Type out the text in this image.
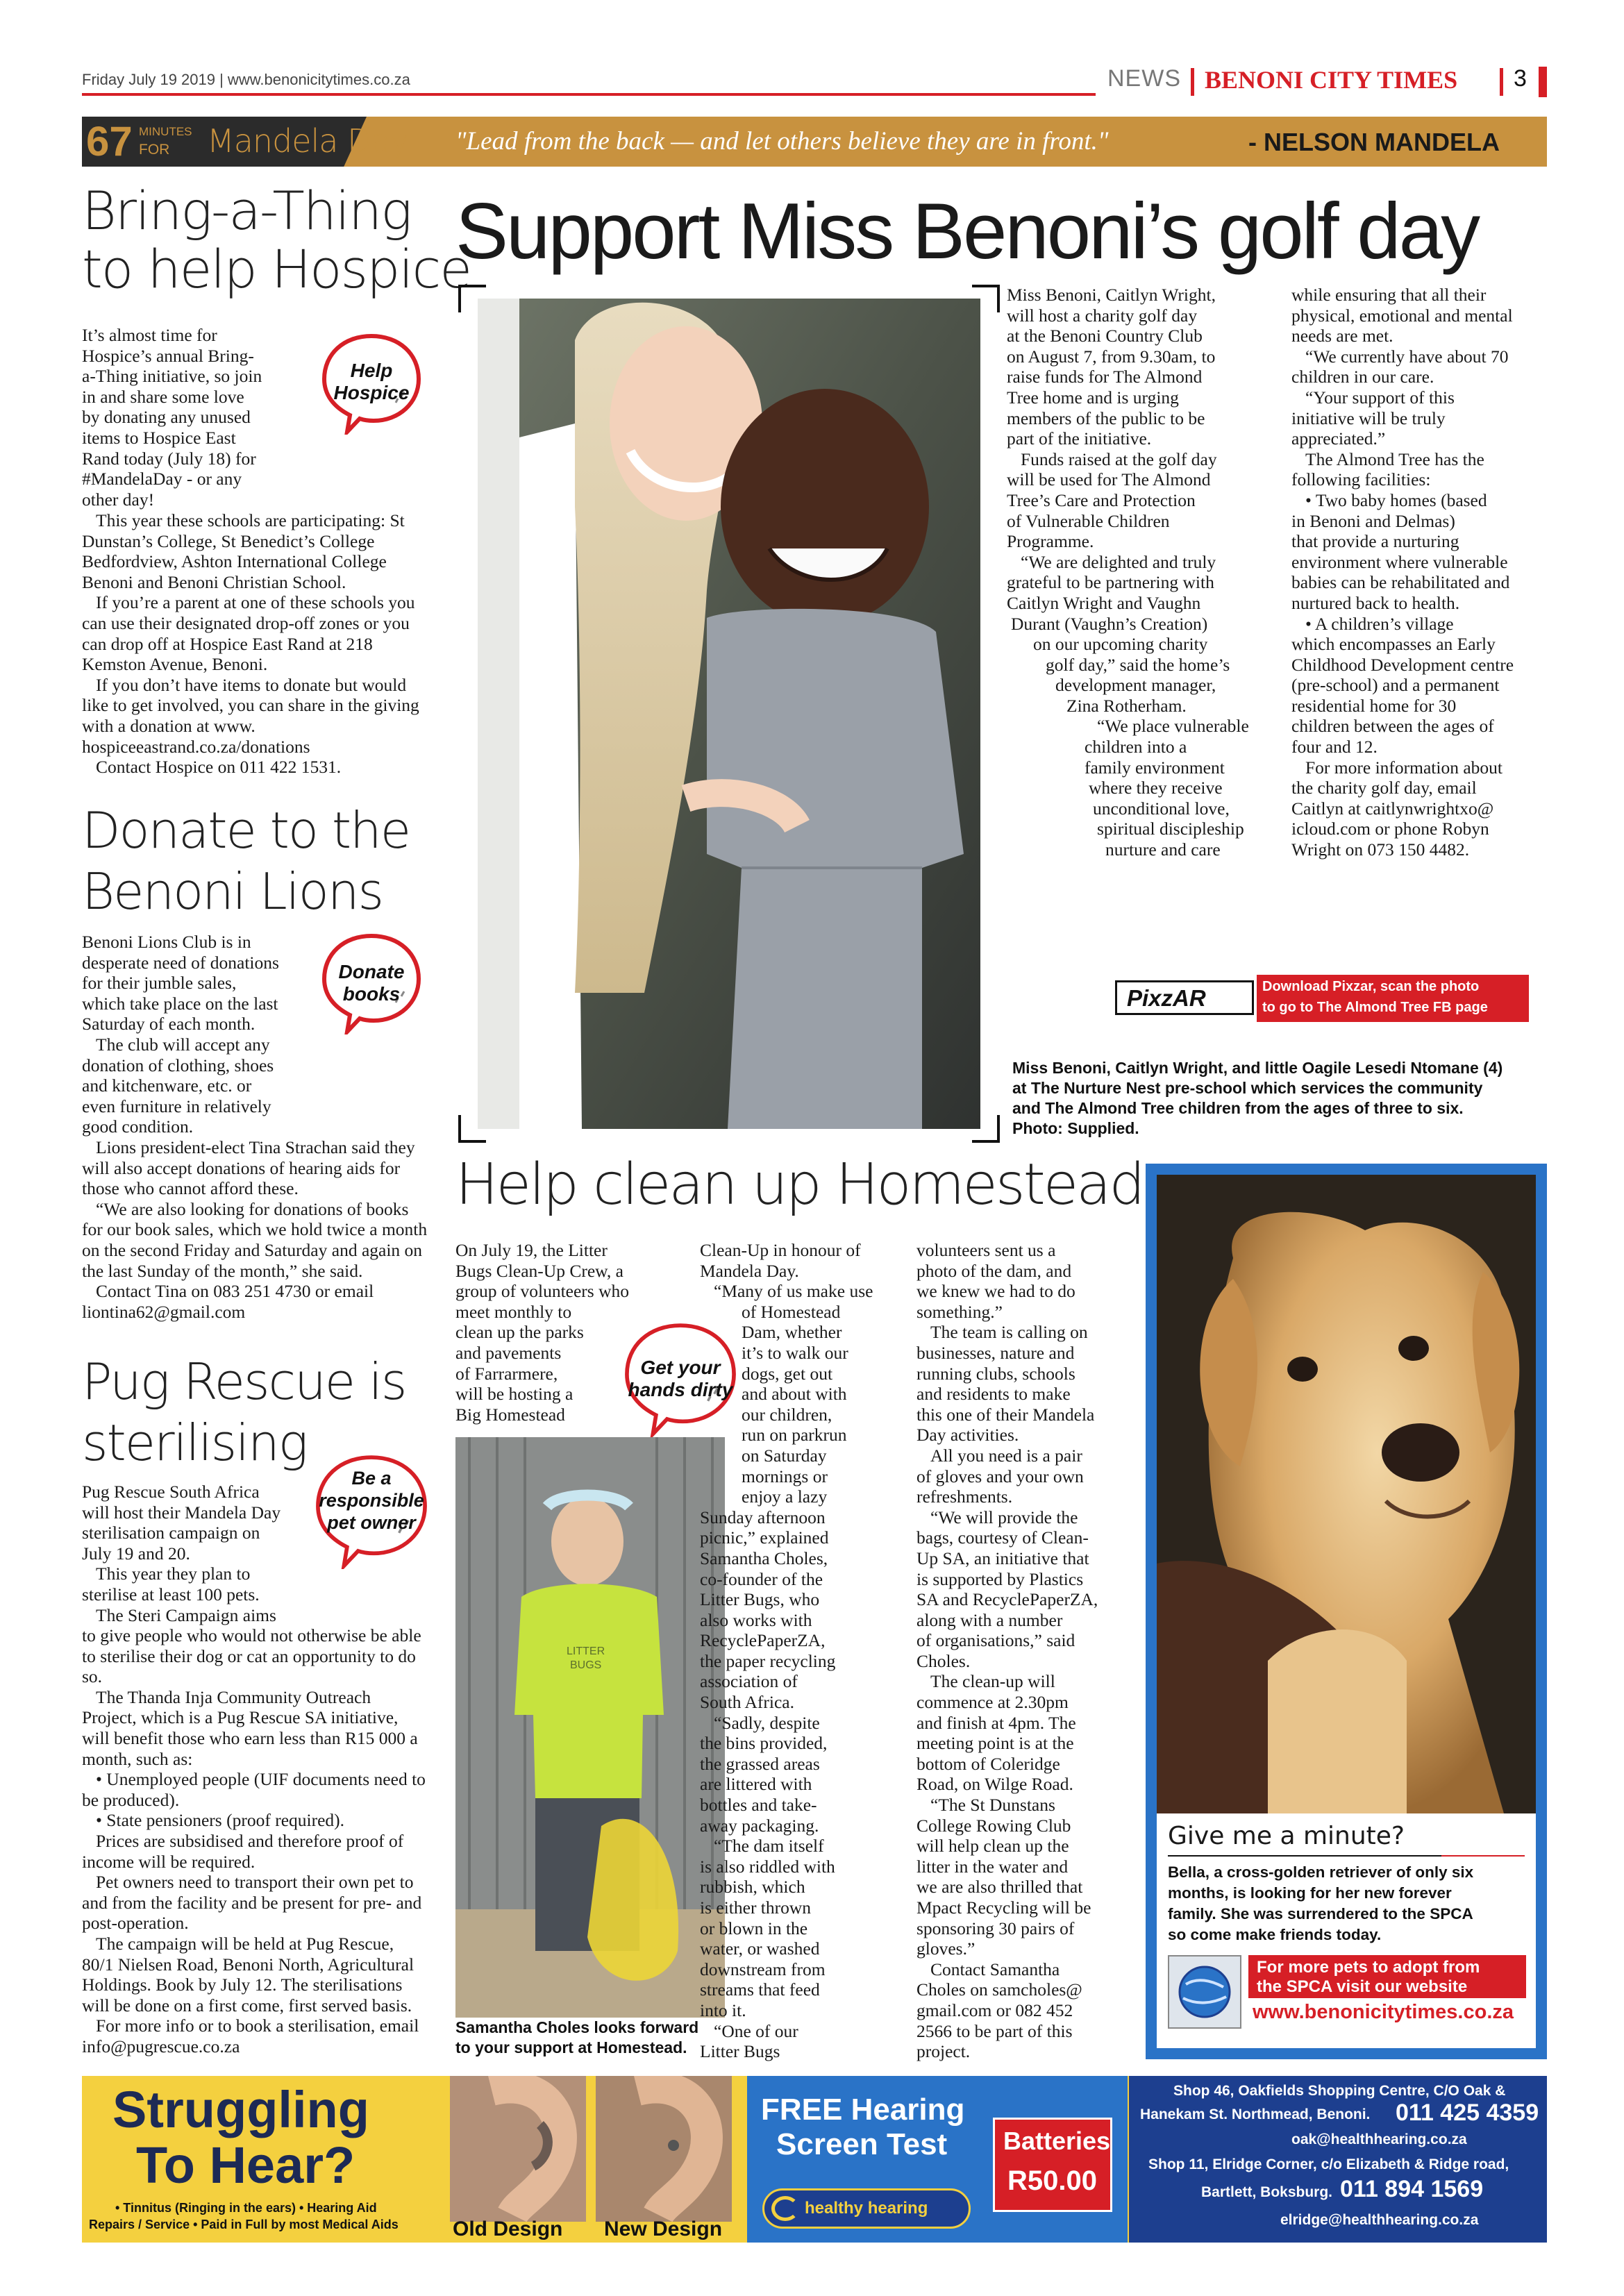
Friday July 19 2019 | www.benonicitytimes.co.za	NEWS BENONI CITY TIMES 3
67 MINUTES
FOR Mandela Day "Lead from the back — and let others believe they are in front."	- NELSON MANDELA
Bring-a-Thing
to help Hospice
Help
Hospice
It’s almost time for
Hospice’s annual Bring-
a-Thing initiative, so join
in and share some love
by donating any unused
items to Hospice East
Rand today (July 18) for
#MandelaDay - or any
other day!

This year these schools are participating: St Dunstan’s College, St Benedict’s College Bedfordview, Ashton International College Benoni and Benoni Christian School.

If you’re a parent at one of these schools you can use their designated drop-off zones or you can drop off at Hospice East Rand at 218 Kemston Avenue, Benoni.

If you don’t have items to donate but would like to get involved, you can share in the giving with a donation at www. hospiceeastrand.co.za/donations

Contact Hospice on 011 422 1531.

Donate to the
Benoni Lions
Donate
books
Benoni Lions Club is in
desperate need of donations
for their jumble sales,
which take place on the last
Saturday of each month.
The club will accept any
donation of clothing, shoes
and kitchenware, etc. or
even furniture in relatively
good condition.

Lions president-elect Tina Strachan said they will also accept donations of hearing aids for those who cannot afford these.

“We are also looking for donations of books for our book sales, which we hold twice a month on the second Friday and Saturday and again on the last Sunday of the month,” she said.

Contact Tina on 083 251 4730 or email liontina62@gmail.com

Pug Rescue is
sterilising
Be a
responsible
pet owner
Pug Rescue South Africa
will host their Mandela Day
sterilisation campaign on
July 19 and 20.
This year they plan to
sterilise at least 100 pets.
The Steri Campaign aims

to give people who would not otherwise be able to sterilise their dog or cat an opportunity to do so.

The Thanda Inja Community Outreach Project, which is a Pug Rescue SA initiative, will benefit those who earn less than R15 000 a month, such as:

• Unemployed people (UIF documents need to be produced).

• State pensioners (proof required).

Prices are subsidised and therefore proof of income will be required.

Pet owners need to transport their own pet to and from the facility and be present for pre- and post-operation.

The campaign will be held at Pug Rescue, 80/1 Nielsen Road, Benoni North, Agricultural Holdings. Book by July 12. The sterilisations will be done on a first come, first served basis.

For more info or to book a sterilisation, email info@pugrescue.co.za

Support Miss Benoni’s golf day
Miss Benoni, Caitlyn Wright,
will host a charity golf day
at the Benoni Country Club
on August 7, from 9.30am, to
raise funds for The Almond
Tree home and is urging
members of the public to be
part of the initiative.
Funds raised at the golf day
will be used for The Almond
Tree’s Care and Protection
of Vulnerable Children
Programme.
“We are delighted and truly
grateful to be partnering with
Caitlyn Wright and Vaughn
Durant (Vaughn’s Creation)
on our upcoming charity
golf day,” said the home’s
development manager,
Zina Rotherham.
“We place vulnerable
children into a
family environment
where they receive
unconditional love,
spiritual discipleship
nurture and care
while ensuring that all their
physical, emotional and mental
needs are met.
“We currently have about 70
children in our care.
“Your support of this
initiative will be truly
appreciated.”
The Almond Tree has the
following facilities:
• Two baby homes (based
in Benoni and Delmas)
that provide a nurturing
environment where vulnerable
babies can be rehabilitated and
nurtured back to health.
• A children’s village
which encompasses an Early
Childhood Development centre
(pre-school) and a permanent
residential home for 30
children between the ages of
four and 12.
For more information about
the charity golf day, email
Caitlyn at caitlynwrightxo@
icloud.com or phone Robyn
Wright on 073 150 4482.
PixzAR	Download Pixzar, scan the photo
to go to The Almond Tree FB page
Miss Benoni, Caitlyn Wright, and little Oagile Lesedi Ntomane (4)
at The Nurture Nest pre-school which services the community
and The Almond Tree children from the ages of three to six.
Photo: Supplied.
Help clean up Homestead
On July 19, the Litter
Bugs Clean-Up Crew, a
group of volunteers who
meet monthly to
clean up the parks
and pavements
of Farrarmere,
will be hosting a
Big Homestead
Get your
hands dirty
LITTER
BUGS
Samantha Choles looks forward
to your support at Homestead.
Clean-Up in honour of
Mandela Day.
“Many of us make use
of Homestead
Dam, whether
it’s to walk our
dogs, get out
and about with
our children,
run on parkrun
on Saturday
mornings or
enjoy a lazy
Sunday afternoon
picnic,” explained
Samantha Choles,
co-founder of the
Litter Bugs, who
also works with
RecyclePaperZA,
the paper recycling
association of
South Africa.
“Sadly, despite
the bins provided,
the grassed areas
are littered with
bottles and take-
away packaging.
“The dam itself
is also riddled with
rubbish, which
is either thrown
or blown in the
water, or washed
downstream from
streams that feed
into it.
“One of our
Litter Bugs
volunteers sent us a
photo of the dam, and
we knew we had to do
something.”
The team is calling on
businesses, nature and
running clubs, schools
and residents to make
this one of their Mandela
Day activities.
All you need is a pair
of gloves and your own
refreshments.
“We will provide the
bags, courtesy of Clean-
Up SA, an initiative that
is supported by Plastics
SA and RecyclePaperZA,
along with a number
of organisations,” said
Choles.
The clean-up will
commence at 2.30pm
and finish at 4pm. The
meeting point is at the
bottom of Coleridge
Road, on Wilge Road.
“The St Dunstans
College Rowing Club
will help clean up the
litter in the water and
we are also thrilled that
Mpact Recycling will be
sponsoring 30 pairs of
gloves.”
Contact Samantha
Choles on samcholes@
gmail.com or 082 452
2566 to be part of this
project.
Give me a minute?
Bella, a cross-golden retriever of only six
months, is looking for her new forever
family. She was surrendered to the SPCA
so come make friends today.
For more pets to adopt from
the SPCA visit our website
www.benonicitytimes.co.za
Struggling
To Hear?
• Tinnitus (Ringing in the ears) • Hearing Aid
Repairs / Service • Paid in Full by most Medical Aids	Old Design New Design
FREE Hearing
Screen Test
healthy hearing
Batteries
R50.00
Shop 46, Oakfields Shopping Centre, C/O Oak &
Hanekam St. Northmead, Benoni. 011 425 4359
oak@healthhearing.co.za
Shop 11, Elridge Corner, c/o Elizabeth & Ridge road,
Bartlett, Boksburg. 011 894 1569
elridge@healthhearing.co.za
